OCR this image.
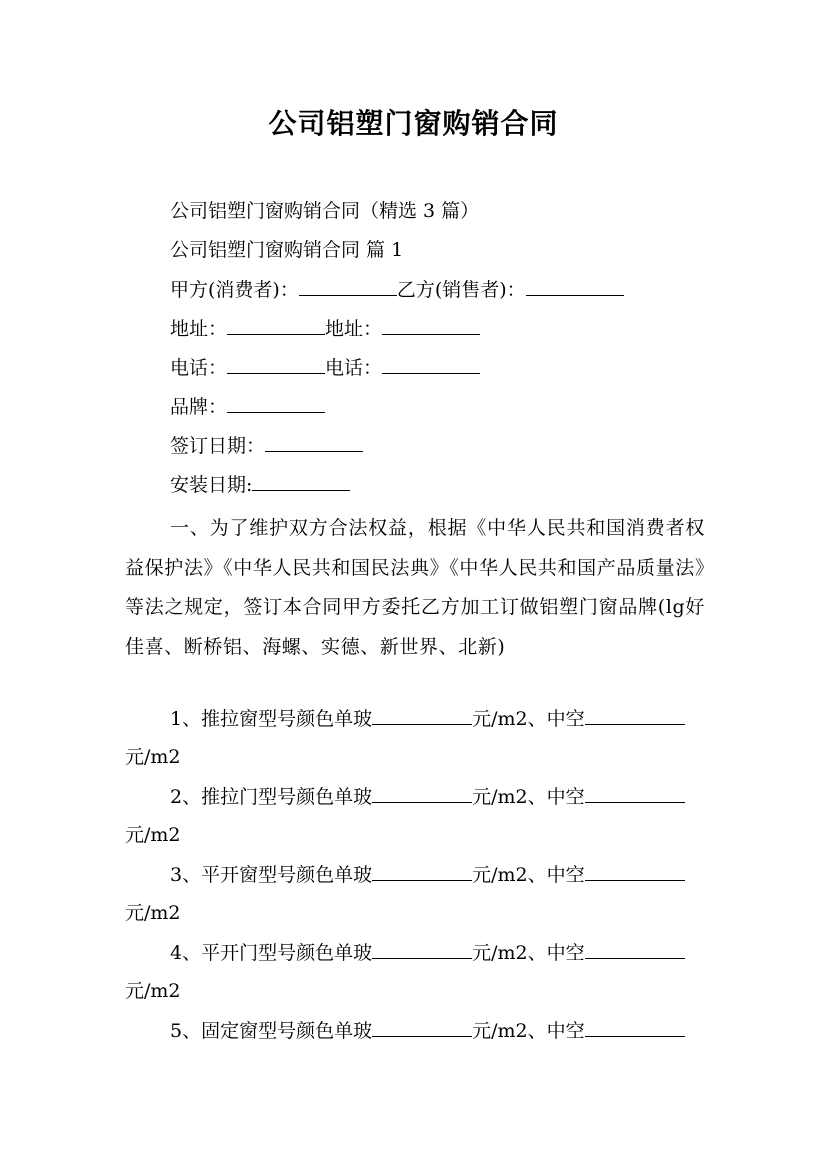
公司铝塑门窗购销合同
公司铝塑门窗购销合同（精选 3 篇）
公司铝塑门窗购销合同 篇 1
甲方(消费者)：	乙方(销售者)：
地址：	地址：
电话：	电话：
品牌：
签订日期：
安装日期:
一、为了维护双方合法权益，根据《中华人民共和国消费者权益保护法》《中华人民共和国民法典》《中华人民共和国产品质量法》等法之规定，签订本合同甲方委托乙方加工订做铝塑门窗品牌(lg好佳喜、断桥铝、海螺、实德、新世界、北新)
1、推拉窗型号颜色单玻	元/m2、中空
元/m2
2、推拉门型号颜色单玻	元/m2、中空
元/m2
3、平开窗型号颜色单玻	元/m2、中空
元/m2
4、平开门型号颜色单玻	元/m2、中空
元/m2
5、固定窗型号颜色单玻	元/m2、中空
